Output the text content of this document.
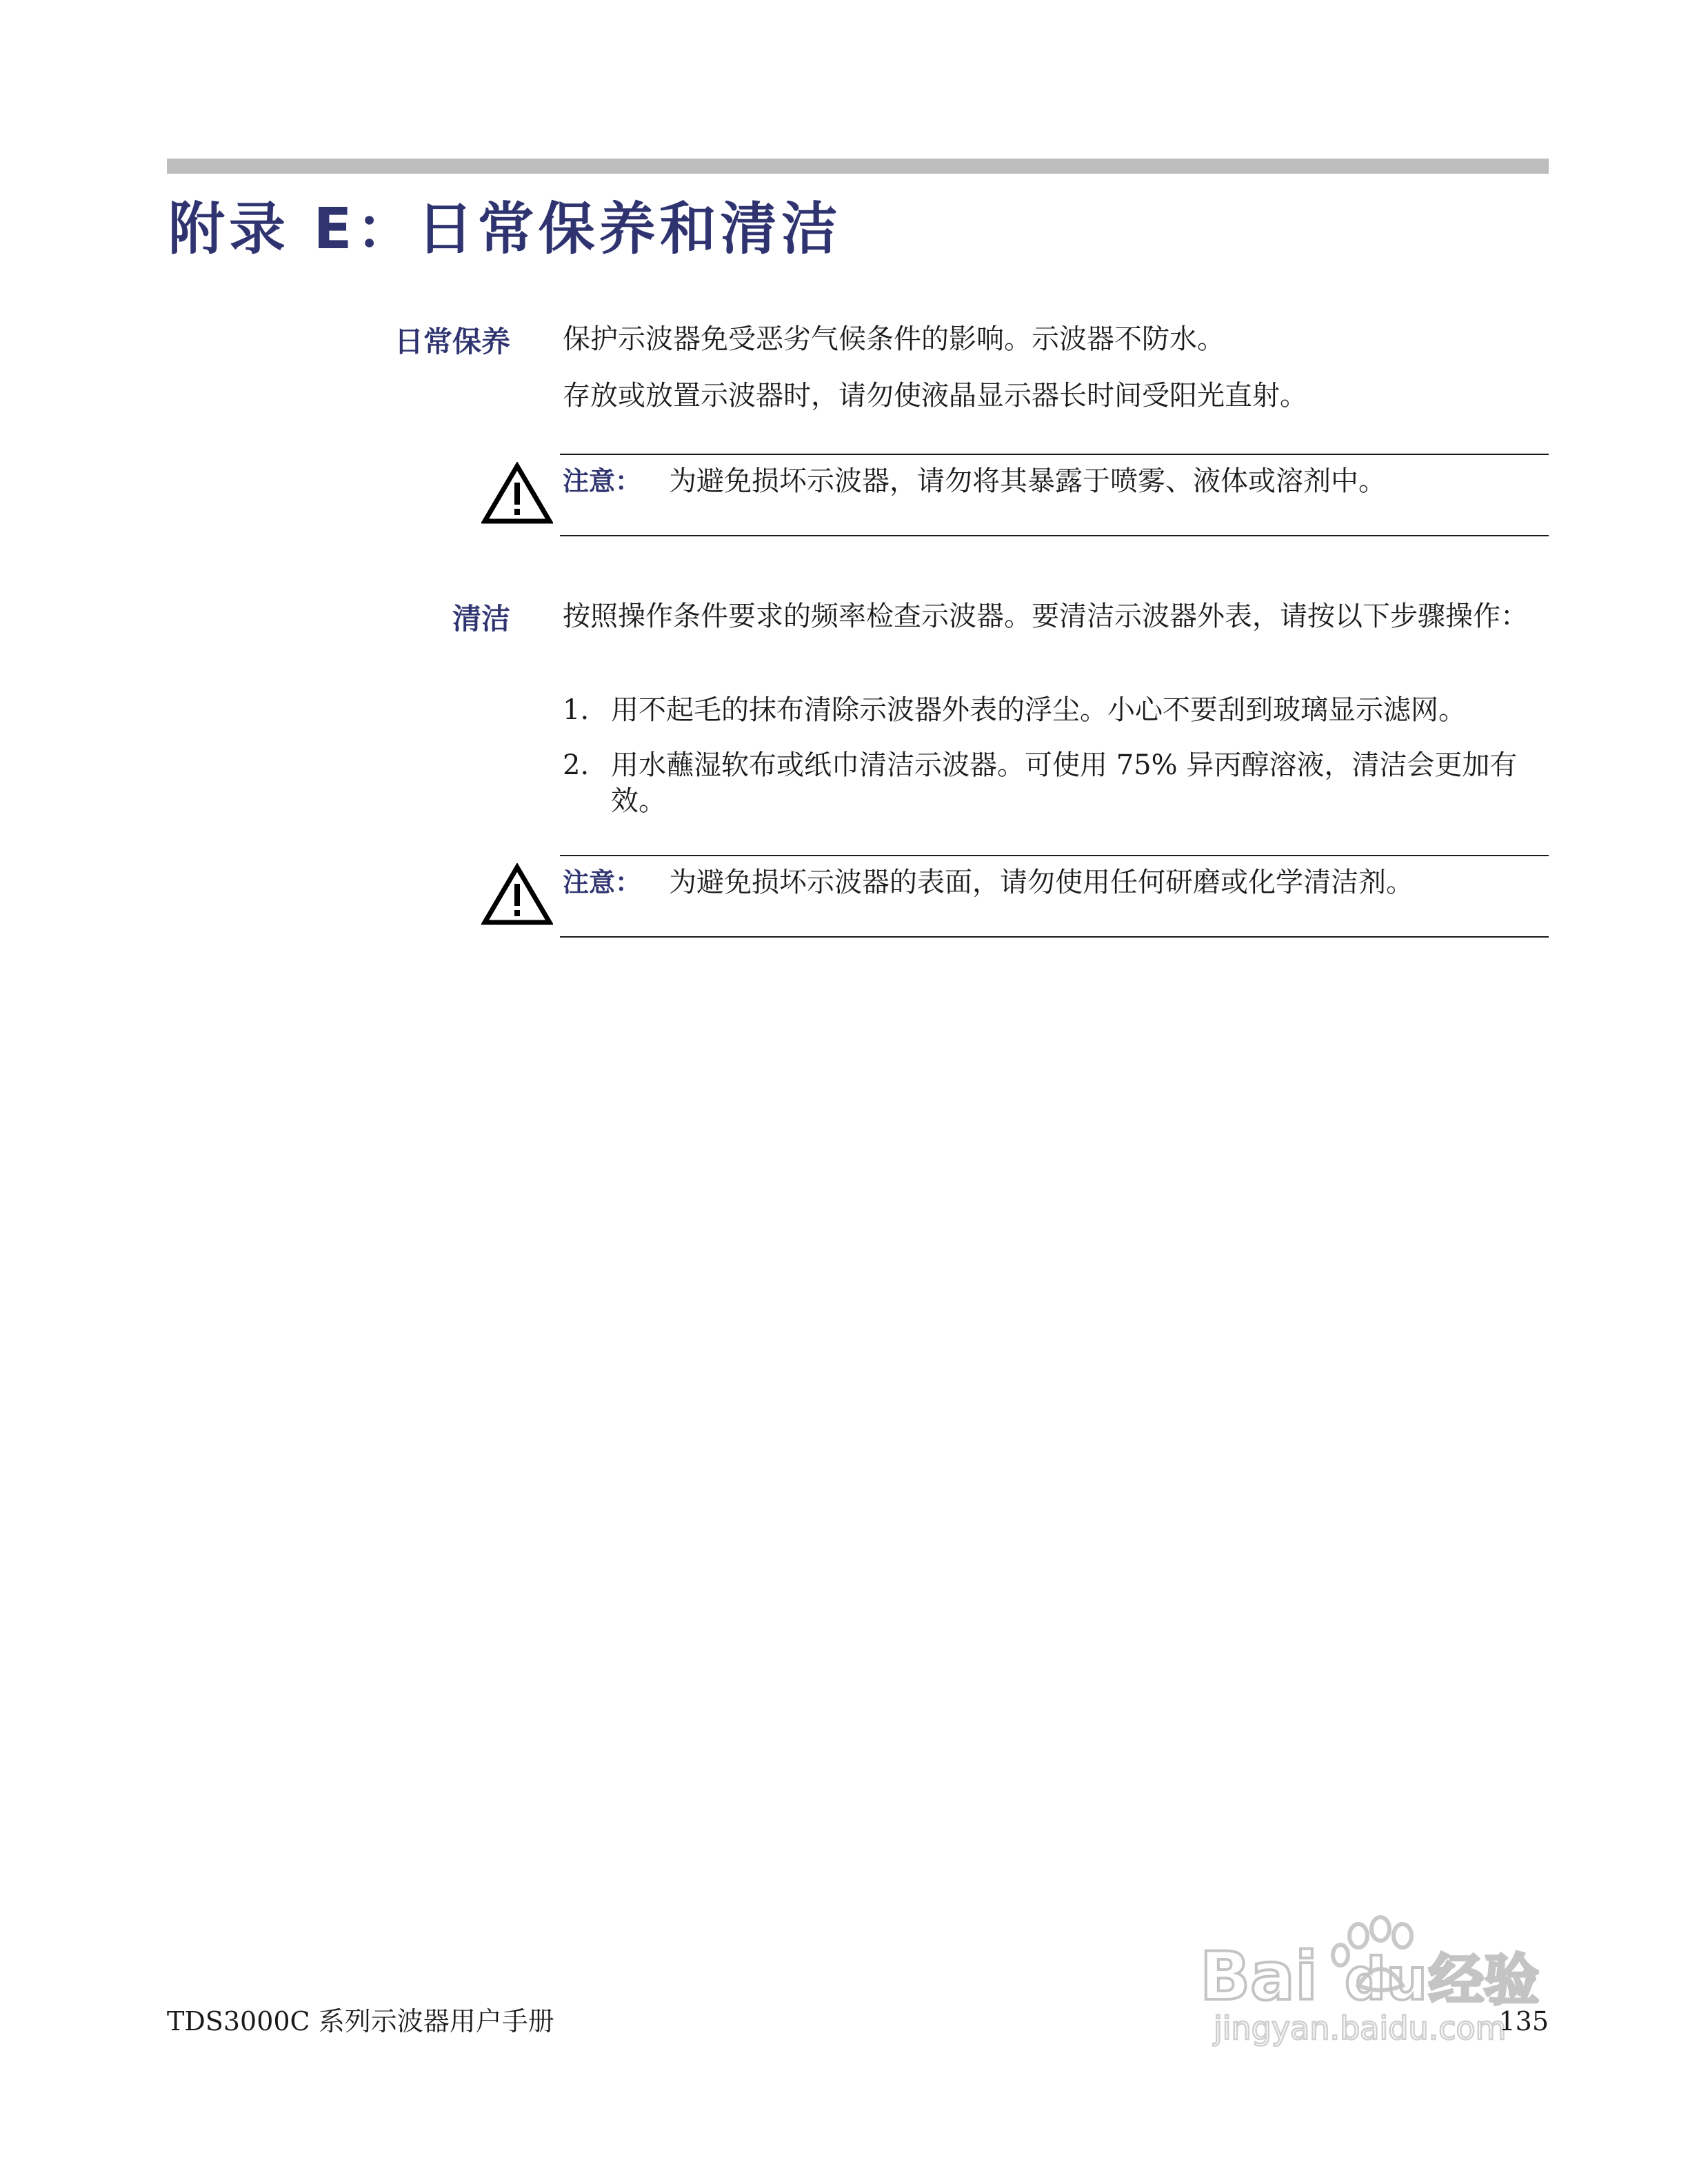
附录 E：日常保养和清洁
日常保养 保护示波器免受恶劣气候条件的影响。示波器不防水。

存放或放置示波器时，请勿使液晶显示器长时间受阳光直射。

注意： 为避免损坏示波器，请勿将其暴露于喷雾、液体或溶剂中。
清洁 按照操作条件要求的频率检查示波器。要清洁示波器外表，请按以下步骤操作：

1. 用不起毛的抹布清除示波器外表的浮尘。小心不要刮到玻璃显示滤网。
2. 用水蘸湿软布或纸巾清洁示波器。可使用 75% 异丙醇溶液，清洁会更加有效。
注意： 为避免损坏示波器的表面，请勿使用任何研磨或化学清洁剂。
Bai du 经验
jingyan.baidu.com
TDS3000C 系列示波器用户手册	135
